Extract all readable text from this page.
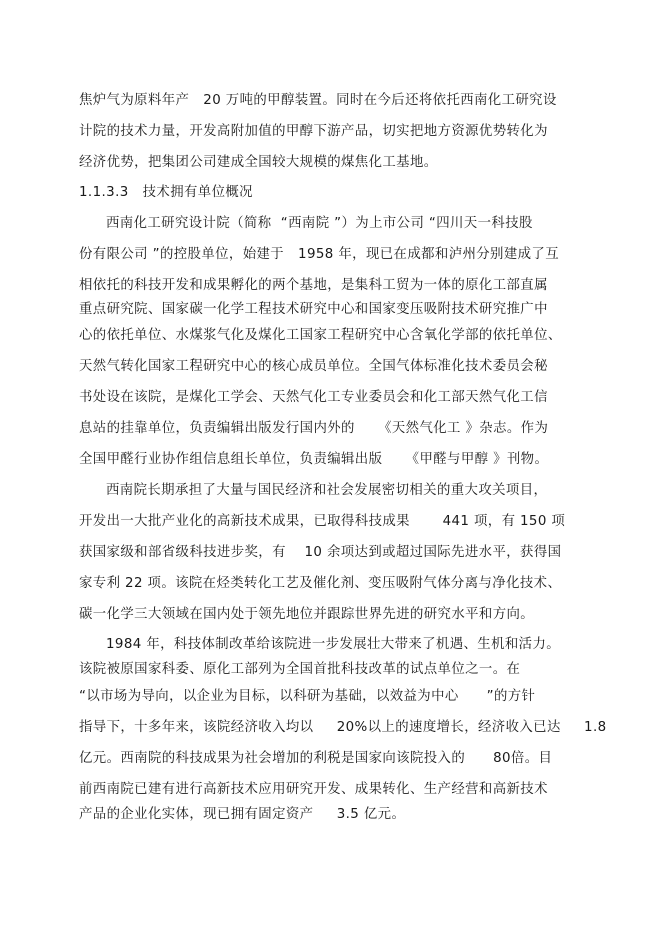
焦炉气为原料年产   20 万吨的甲醇装置。同时在今后还将依托西南化工研究设
计院的技术力量，开发高附加值的甲醇下游产品，切实把地方资源优势转化为
经济优势，把集团公司建成全国较大规模的煤焦化工基地。
1.1.3.3   技术拥有单位概况
西南化工研究设计院（简称  “西南院 ”）为上市公司 “四川天一科技股
份有限公司 ”的控股单位，始建于   1958 年，现已在成都和泸州分别建成了互
相依托的科技开发和成果孵化的两个基地，是集科工贸为一体的原化工部直属
重点研究院、国家碳一化学工程技术研究中心和国家变压吸附技术研究推广中
心的依托单位、水煤浆气化及煤化工国家工程研究中心含氧化学部的依托单位、
天然气转化国家工程研究中心的核心成员单位。全国气体标准化技术委员会秘
书处设在该院，是煤化工学会、天然气化工专业委员会和化工部天然气化工信
息站的挂靠单位，负责编辑出版发行国内外的     《天然气化工 》杂志。作为
全国甲醛行业协作组信息组长单位，负责编辑出版     《甲醛与甲醇 》刊物。
西南院长期承担了大量与国民经济和社会发展密切相关的重大攻关项目，
开发出一大批产业化的高新技术成果，已取得科技成果       441 项，有 150 项
获国家级和部省级科技进步奖，有    10 余项达到或超过国际先进水平，获得国
家专利 22 项。该院在烃类转化工艺及催化剂、变压吸附气体分离与净化技术、
碳一化学三大领域在国内处于领先地位并跟踪世界先进的研究水平和方向。
1984 年，科技体制改革给该院进一步发展壮大带来了机遇、生机和活力。
该院被原国家科委、原化工部列为全国首批科技改革的试点单位之一。在
“以市场为导向，以企业为目标，以科研为基础，以效益为中心      ”的方针
指导下，十多年来，该院经济收入均以     20%以上的速度增长，经济收入已达     1.8
亿元。西南院的科技成果为社会增加的利税是国家向该院投入的      80倍。目
前西南院已建有进行高新技术应用研究开发、成果转化、生产经营和高新技术
产品的企业化实体，现已拥有固定资产     3.5 亿元。
